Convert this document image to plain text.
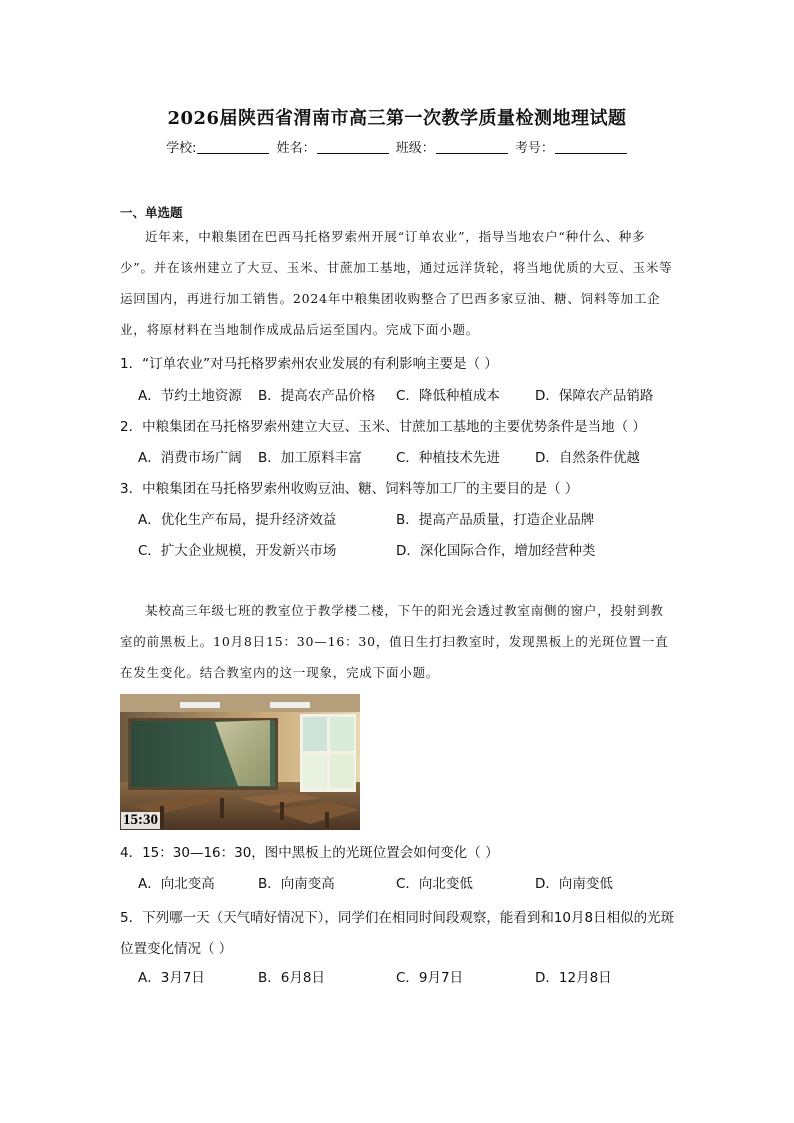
2026届陕西省渭南市高三第一次教学质量检测地理试题
学校:	姓名：	班级：	考号：
一、单选题
近年来，中粮集团在巴西马托格罗索州开展“订单农业”，指导当地农户“种什么、种多少”。并在该州建立了大豆、玉米、甘蔗加工基地，通过远洋货轮，将当地优质的大豆、玉米等运回国内，再进行加工销售。2024年中粮集团收购整合了巴西多家豆油、糖、饲料等加工企业，将原材料在当地制作成成品后运至国内。完成下面小题。
1．“订单农业”对马托格罗索州农业发展的有利影响主要是（ ）
A．节约土地资源 B．提高农产品价格 C．降低种植成本	D．保障农产品销路
2．中粮集团在马托格罗索州建立大豆、玉米、甘蔗加工基地的主要优势条件是当地（ ）
A．消费市场广阔 B．加工原料丰富	C．种植技术先进	D．自然条件优越
3．中粮集团在马托格罗索州收购豆油、糖、饲料等加工厂的主要目的是（ ）
A．优化生产布局，提升经济效益	B．提高产品质量，打造企业品牌
C．扩大企业规模，开发新兴市场	D．深化国际合作，增加经营种类
某校高三年级七班的教室位于教学楼二楼，下午的阳光会透过教室南侧的窗户，投射到教室的前黑板上。10月8日15：30—16：30，值日生打扫教室时，发现黑板上的光斑位置一直在发生变化。结合教室内的这一现象，完成下面小题。
15:30
4．15：30—16：30，图中黑板上的光斑位置会如何变化（ ）
A．向北变高	B．向南变高	C．向北变低	D．向南变低
5．下列哪一天（天气晴好情况下），同学们在相同时间段观察，能看到和10月8日相似的光斑位置变化情况（ ）
A．3月7日	B．6月8日	C．9月7日	D．12月8日
